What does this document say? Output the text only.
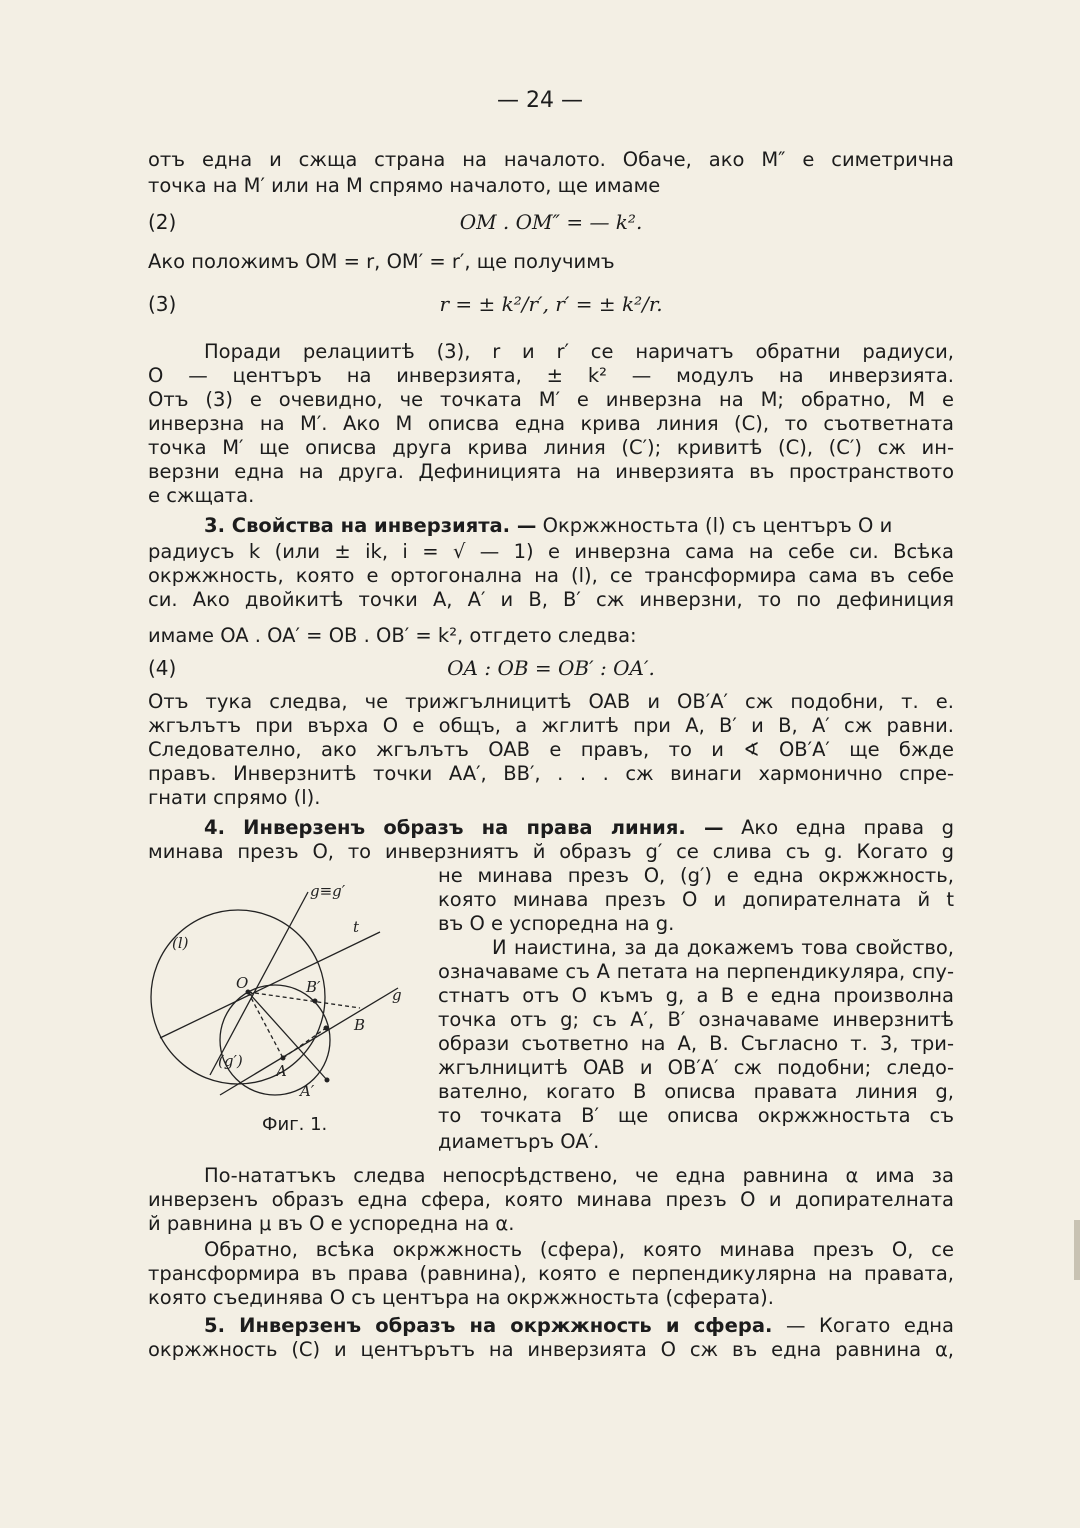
— 24 —
отъ една и сжща страна на началото. Обаче, ако M″ е симетрична
точка на M′ или на M спрямо началото, ще имаме
(2)	OM . OM″ = — k².
Ако положимъ OM = r, OM′ = r′, ще получимъ
(3)	r = ± k²/r′, r′ = ± k²/r.
Поради релациитѣ (3), r и r′ се наричатъ обратни радиуси,
O — центъръ на инверзията, ± k² — модулъ на инверзията.
Отъ (3) е очевидно, че точката M′ е инверзна на M; обратно, M е
инверзна на M′. Ако M описва една крива линия (C), то съответната
точка M′ ще описва друга крива линия (C′); кривитѣ (C), (C′) сж ин-
верзни една на друга. Дефиницията на инверзията въ пространството
е сжщата.
3. Свойства на инверзията. — Окржжностьта (l) съ центъръ O и
радиусъ k (или ± ik, i = √ — 1) е инверзна сама на себе си. Всѣка
окржжность, която е ортогонална на (l), се трансформира сама въ себе
си. Ако двойкитѣ точки A, A′ и B, B′ сж инверзни, то по дефиниция
имаме OA . OA′ = OB . OB′ = k², отгдето следва:
(4)	OA : OB = OB′ : OA′.
Отъ тука следва, че трижгълницитѣ OAB и OB′A′ сж подобни, т. е.
жгълътъ при върха O е общъ, а жглитѣ при A, B′ и B, A′ сж равни.
Следователно, ако жгълътъ OAB е правъ, то и ∢ OB′A′ ще бжде
правъ. Инверзнитѣ точки AA′, BB′, . . . сж винаги хармонично спре-
гнати спрямо (l).
4. Инверзенъ образъ на права линия. — Ако една права g
минава презъ O, то инверзниятъ й образъ g′ се слива съ g. Когато g
не минава презъ O, (g′) е една окржжность,
която минава презъ O и допирателната й t
въ O е успоредна на g.
И наистина, за да докажемъ това свойство,
означаваме съ A петата на перпендикуляра, спу-
стнатъ отъ O къмъ g, а B е една произволна
точка отъ g; съ A′, B′ означаваме инверзнитѣ
образи съответно на A, B. Съгласно т. 3, три-
жгълницитѣ OAB и OB′A′ сж подобни; следо-
вателно, когато B описва правата линия g,
то точката B′ ще описва окржжностьта съ
диаметъръ OA′.
g≡g′
t
(l)
O	B′	g
B
(g′)
A
A′
Фиг. 1.
По-нататъкъ следва непосрѣдствено, че една равнина α има за
инверзенъ образъ една сфера, която минава презъ O и допирателната
й равнина μ въ O е успоредна на α.
Обратно, всѣка окржжность (сфера), която минава презъ O, се
трансформира въ права (равнина), която е перпендикулярна на правата,
която съединява O съ центъра на окржжностьта (сферата).
5. Инверзенъ образъ на окржжность и сфера. — Когато една
окржжность (C) и центърътъ на инверзията O сж въ една равнина α,
